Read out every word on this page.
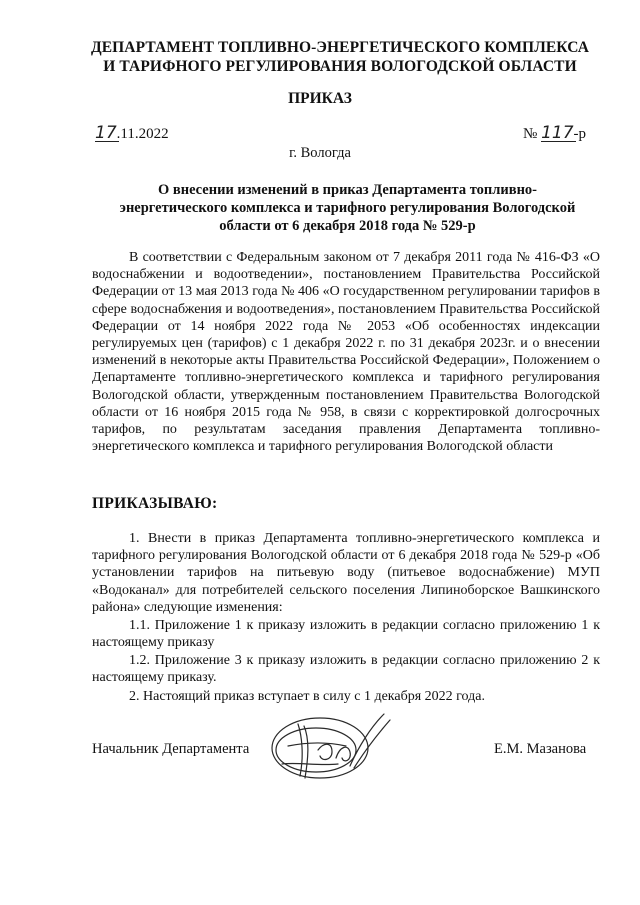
ДЕПАРТАМЕНТ ТОПЛИВНО-ЭНЕРГЕТИЧЕСКОГО КОМПЛЕКСА
И ТАРИФНОГО РЕГУЛИРОВАНИЯ ВОЛОГОДСКОЙ ОБЛАСТИ
ПРИКАЗ
17.11.2022	№ 117-р
г. Вологда
О внесении изменений в приказ Департамента топливно-
энергетического комплекса и тарифного регулирования Вологодской
области от 6 декабря 2018 года № 529-р
В соответствии с Федеральным законом от 7 декабря 2011 года № 416-ФЗ «О водоснабжении и водоотведении», постановлением Правительства Российской Федерации от 13 мая 2013 года № 406 «О государственном регулировании тарифов в сфере водоснабжения и водоотведения», постановлением Правительства Российской Федерации от 14 ноября 2022 года № 2053 «Об особенностях индексации регулируемых цен (тарифов) с 1 декабря 2022 г. по 31 декабря 2023г. и о внесении изменений в некоторые акты Правительства Российской Федерации», Положением о Департаменте топливно-энергетического комплекса и тарифного регулирования Вологодской области, утвержденным постановлением Правительства Вологодской области от 16 ноября 2015 года № 958, в связи с корректировкой долгосрочных тарифов, по результатам заседания правления Департамента топливно-энергетического комплекса и тарифного регулирования Вологодской области
ПРИКАЗЫВАЮ:
1. Внести в приказ Департамента топливно-энергетического комплекса и тарифного регулирования Вологодской области от 6 декабря 2018 года № 529-р «Об установлении тарифов на питьевую воду (питьевое водоснабжение) МУП «Водоканал» для потребителей сельского поселения Липиноборское Вашкинского района» следующие изменения:
1.1. Приложение 1 к приказу изложить в редакции согласно приложению 1 к настоящему приказу
1.2. Приложение 3 к приказу изложить в редакции согласно приложению 2 к настоящему приказу.
2. Настоящий приказ вступает в силу с 1 декабря 2022 года.
Начальник Департамента	Е.М. Мазанова
